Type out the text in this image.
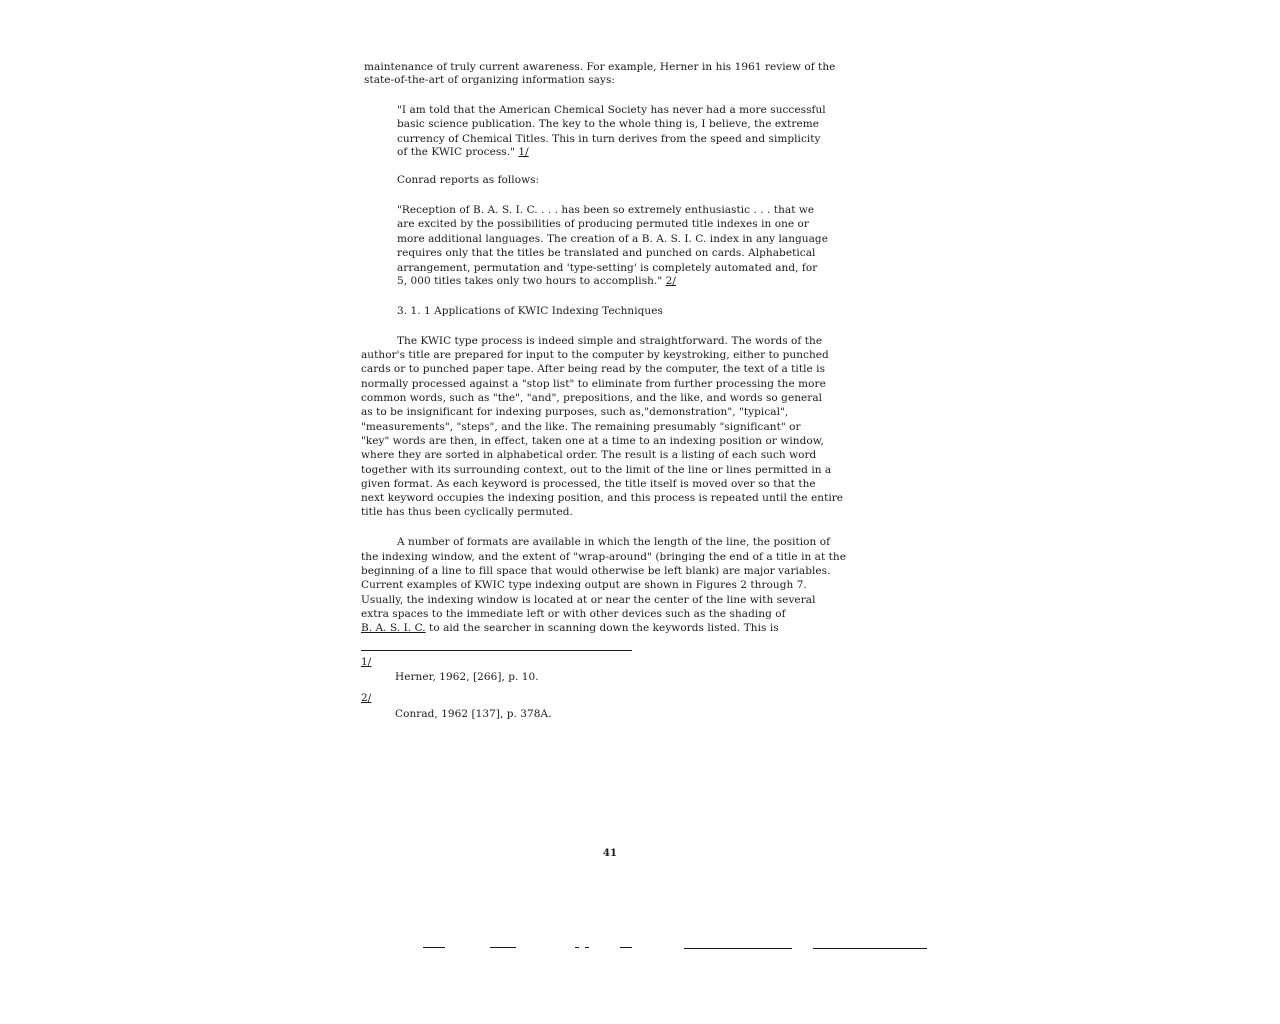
maintenance of truly current awareness. For example, Herner in his 1961 review of the
state-of-the-art of organizing information says:
"I am told that the American Chemical Society has never had a more successful
basic science publication. The key to the whole thing is, I believe, the extreme
currency of Chemical Titles. This in turn derives from the speed and simplicity
of the KWIC process." 1/
Conrad reports as follows:
"Reception of B. A. S. I. C. . . . has been so extremely enthusiastic . . . that we
are excited by the possibilities of producing permuted title indexes in one or
more additional languages. The creation of a B. A. S. I. C. index in any language
requires only that the titles be translated and punched on cards. Alphabetical
arrangement, permutation and 'type-setting' is completely automated and, for
5, 000 titles takes only two hours to accomplish." 2/
3. 1. 1 Applications of KWIC Indexing Techniques
The KWIC type process is indeed simple and straightforward. The words of the
author's title are prepared for input to the computer by keystroking, either to punched
cards or to punched paper tape. After being read by the computer, the text of a title is
normally processed against a "stop list" to eliminate from further processing the more
common words, such as "the", "and", prepositions, and the like, and words so general
as to be insignificant for indexing purposes, such as,"demonstration", "typical",
"measurements", "steps", and the like. The remaining presumably "significant" or
"key" words are then, in effect, taken one at a time to an indexing position or window,
where they are sorted in alphabetical order. The result is a listing of each such word
together with its surrounding context, out to the limit of the line or lines permitted in a
given format. As each keyword is processed, the title itself is moved over so that the
next keyword occupies the indexing position, and this process is repeated until the entire
title has thus been cyclically permuted.
A number of formats are available in which the length of the line, the position of
the indexing window, and the extent of "wrap-around" (bringing the end of a title in at the
beginning of a line to fill space that would otherwise be left blank) are major variables.
Current examples of KWIC type indexing output are shown in Figures 2 through 7.
Usually, the indexing window is located at or near the center of the line with several
extra spaces to the immediate left or with other devices such as the shading of
B. A. S. I. C. to aid the searcher in scanning down the keywords listed. This is
1/
Herner, 1962, [266], p. 10.
2/
Conrad, 1962 [137], p. 378A.
41
